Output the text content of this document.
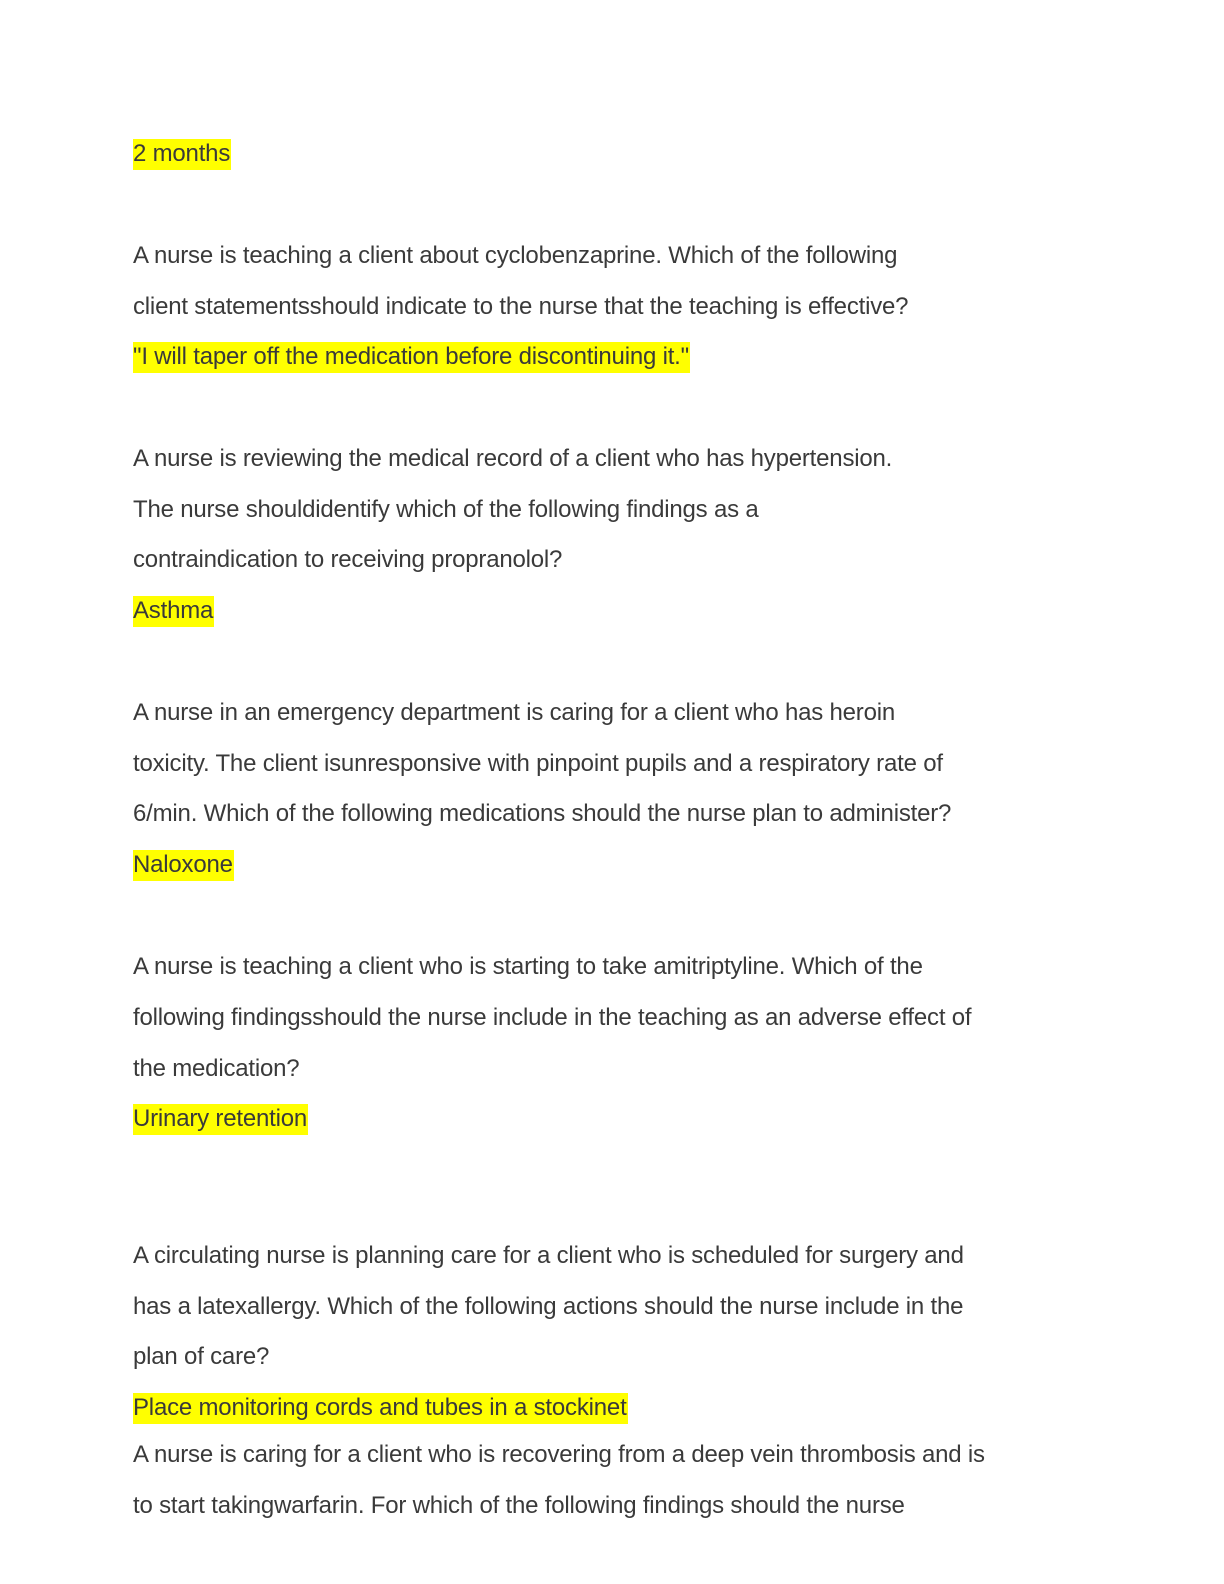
2 months

A nurse is teaching a client about cyclobenzaprine. Which of the following

client statementsshould indicate to the nurse that the teaching is effective?

"I will taper off the medication before discontinuing it."

A nurse is reviewing the medical record of a client who has hypertension.

The nurse shouldidentify which of the following findings as a

contraindication to receiving propranolol?

Asthma

A nurse in an emergency department is caring for a client who has heroin

toxicity. The client isunresponsive with pinpoint pupils and a respiratory rate of

6/min. Which of the following medications should the nurse plan to administer?

Naloxone

A nurse is teaching a client who is starting to take amitriptyline. Which of the

following findingsshould the nurse include in the teaching as an adverse effect of

the medication?

Urinary retention

A circulating nurse is planning care for a client who is scheduled for surgery and

has a latexallergy. Which of the following actions should the nurse include in the

plan of care?

Place monitoring cords and tubes in a stockinet

A nurse is caring for a client who is recovering from a deep vein thrombosis and is

to start takingwarfarin. For which of the following findings should the nurse
